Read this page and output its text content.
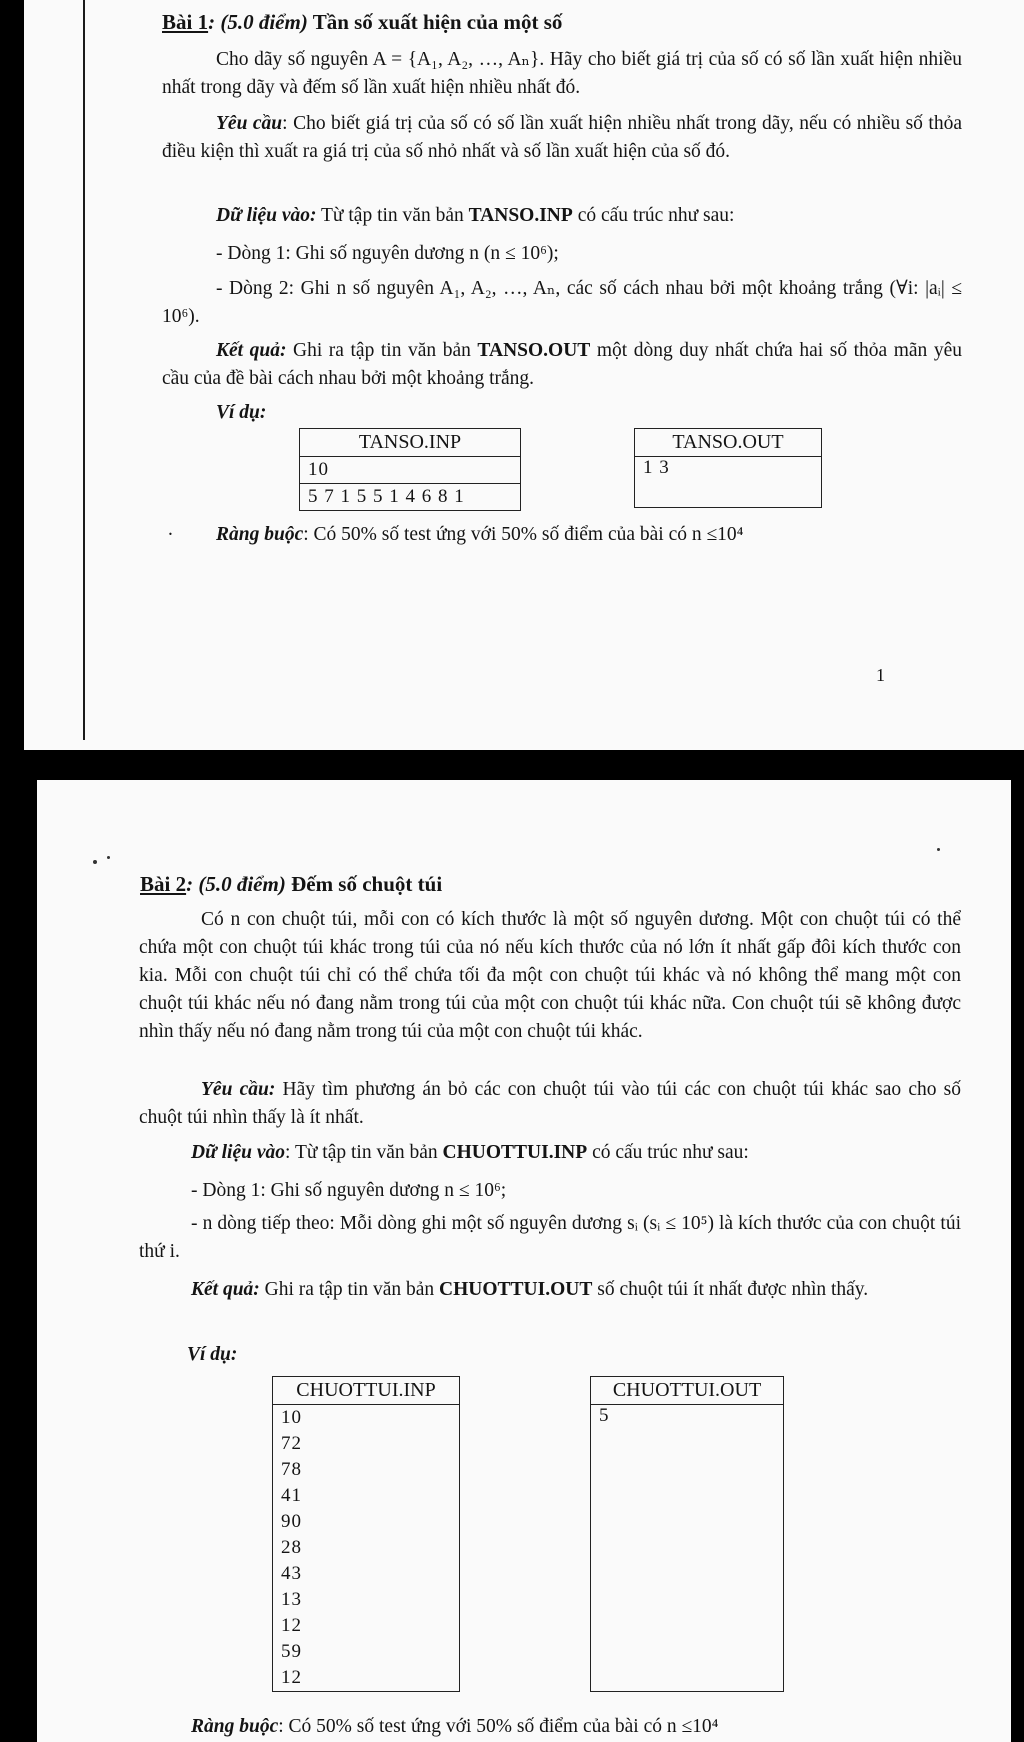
Bài 1: (5.0 điểm) Tần số xuất hiện của một số
Cho dãy số nguyên A = {A₁, A₂, …, Aₙ}. Hãy cho biết giá trị của số có số lần xuất hiện nhiều nhất trong dãy và đếm số lần xuất hiện nhiều nhất đó.
Yêu cầu: Cho biết giá trị của số có số lần xuất hiện nhiều nhất trong dãy, nếu có nhiều số thỏa điều kiện thì xuất ra giá trị của số nhỏ nhất và số lần xuất hiện của số đó.
Dữ liệu vào: Từ tập tin văn bản TANSO.INP có cấu trúc như sau:
- Dòng 1: Ghi số nguyên dương n (n ≤ 10⁶);
- Dòng 2: Ghi n số nguyên A₁, A₂, …, Aₙ, các số cách nhau bởi một khoảng trắng (∀i: |aᵢ| ≤ 10⁶).
Kết quả: Ghi ra tập tin văn bản TANSO.OUT một dòng duy nhất chứa hai số thỏa mãn yêu cầu của đề bài cách nhau bởi một khoảng trắng.
Ví dụ:
TANSO.INP
10
5 7 1 5 5 1 4 6 8 1
TANSO.OUT
1 3
. Ràng buộc: Có 50% số test ứng với 50% số điểm của bài có n ≤10⁴
1
Bài 2: (5.0 điểm) Đếm số chuột túi
Có n con chuột túi, mỗi con có kích thước là một số nguyên dương. Một con chuột túi có thể chứa một con chuột túi khác trong túi của nó nếu kích thước của nó lớn ít nhất gấp đôi kích thước con kia. Mỗi con chuột túi chỉ có thể chứa tối đa một con chuột túi khác và nó không thể mang một con chuột túi khác nếu nó đang nằm trong túi của một con chuột túi khác nữa. Con chuột túi sẽ không được nhìn thấy nếu nó đang nằm trong túi của một con chuột túi khác.
Yêu cầu: Hãy tìm phương án bỏ các con chuột túi vào túi các con chuột túi khác sao cho số chuột túi nhìn thấy là ít nhất.
Dữ liệu vào: Từ tập tin văn bản CHUOTTUI.INP có cấu trúc như sau:
- Dòng 1: Ghi số nguyên dương n ≤ 10⁶;
- n dòng tiếp theo: Mỗi dòng ghi một số nguyên dương sᵢ (sᵢ ≤ 10⁵) là kích thước của con chuột túi thứ i.
Kết quả: Ghi ra tập tin văn bản CHUOTTUI.OUT số chuột túi ít nhất được nhìn thấy.
Ví dụ:
CHUOTTUI.INP
10
72
78
41
90
28
43
13
12
59
12
CHUOTTUI.OUT
5
Ràng buộc: Có 50% số test ứng với 50% số điểm của bài có n ≤10⁴
